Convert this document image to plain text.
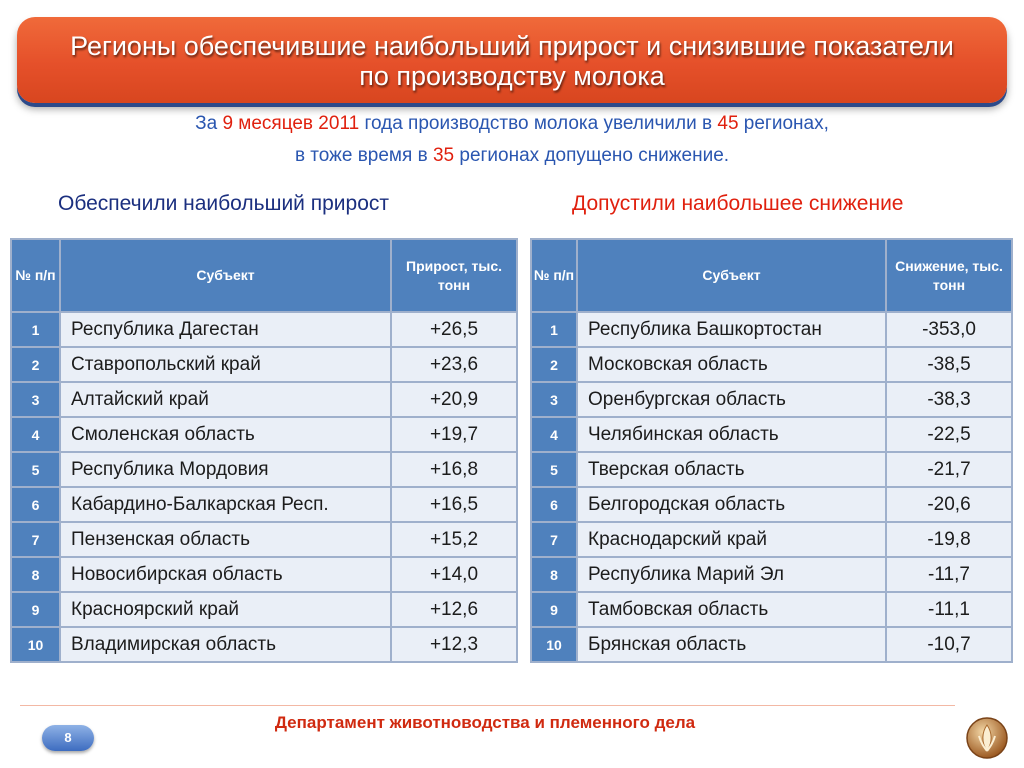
Регионы обеспечившие наибольший прирост и снизившие показатели
по производству молока
За 9 месяцев 2011 года производство молока увеличили в 45 регионах,
в тоже время в 35 регионах допущено снижение.
Обеспечили наибольший прирост	Допустили наибольшее снижение
№ п/п	Субъект	Прирост, тыс. тонн
1	Республика Дагестан	+26,5
2	Ставропольский край	+23,6
3	Алтайский край	+20,9
4	Смоленская область	+19,7
5	Республика Мордовия	+16,8
6	Кабардино-Балкарская Респ.	+16,5
7	Пензенская область	+15,2
8	Новосибирская область	+14,0
9	Красноярский край	+12,6
10	Владимирская область	+12,3
№ п/п	Субъект	Снижение, тыс. тонн
1	Республика Башкортостан	-353,0
2	Московская область	-38,5
3	Оренбургская область	-38,3
4	Челябинская область	-22,5
5	Тверская область	-21,7
6	Белгородская область	-20,6
7	Краснодарский край	-19,8
8	Республика Марий Эл	-11,7
9	Тамбовская область	-11,1
10	Брянская область	-10,7
Департамент животноводства и племенного дела
8
